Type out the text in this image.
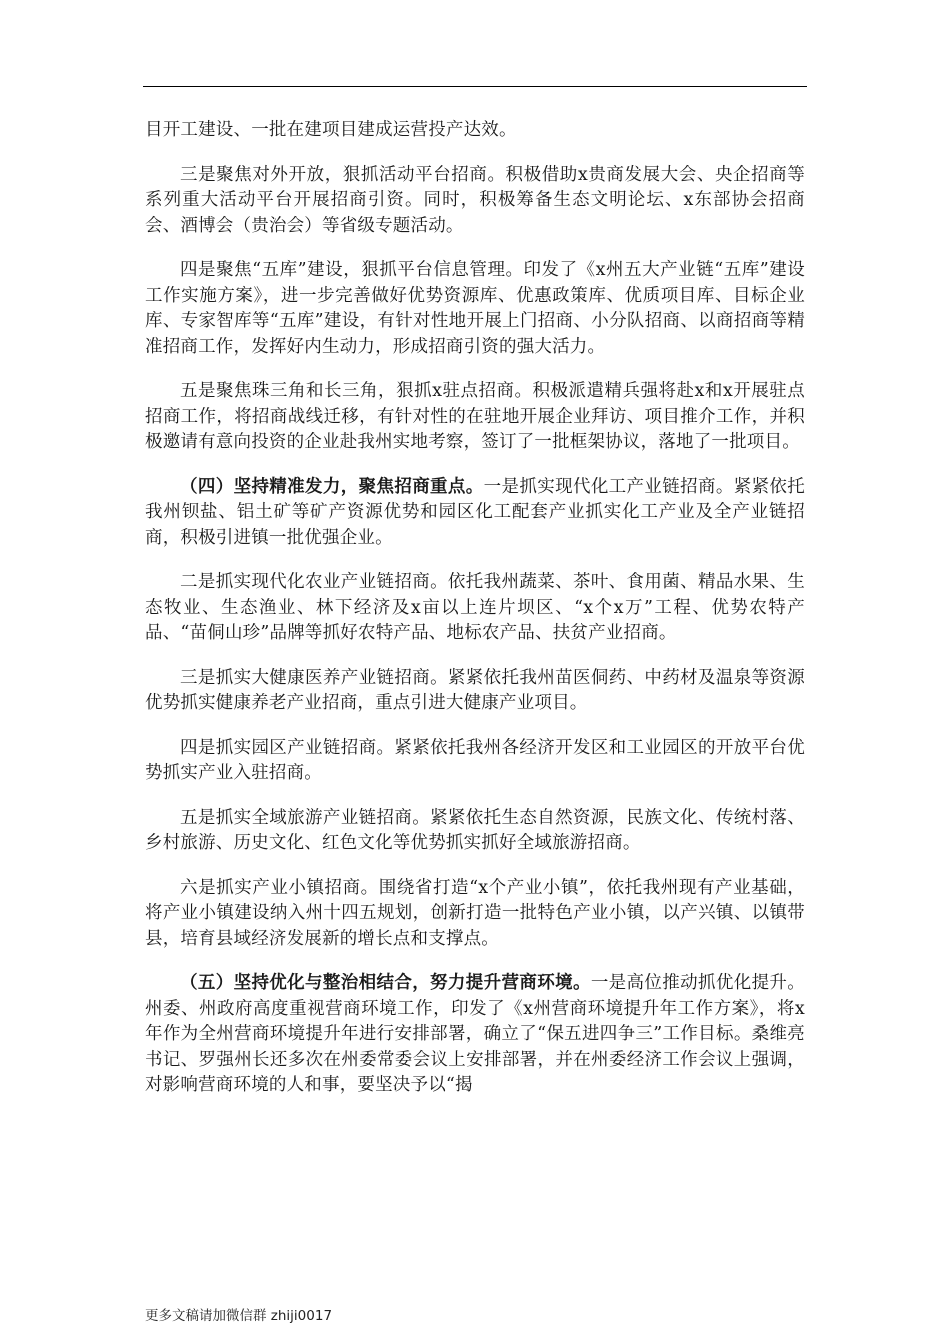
目开工建设、一批在建项目建成运营投产达效。

三是聚焦对外开放，狠抓活动平台招商。积极借助x贵商发展大会、央企招商等系列重大活动平台开展招商引资。同时，积极筹备生态文明论坛、x东部协会招商会、酒博会（贵治会）等省级专题活动。

四是聚焦“五库”建设，狠抓平台信息管理。印发了《x州五大产业链“五库”建设工作实施方案》，进一步完善做好优势资源库、优惠政策库、优质项目库、目标企业库、专家智库等“五库”建设，有针对性地开展上门招商、小分队招商、以商招商等精准招商工作，发挥好内生动力，形成招商引资的强大活力。

五是聚焦珠三角和长三角，狠抓x驻点招商。积极派遣精兵强将赴x和x开展驻点招商工作，将招商战线迁移，有针对性的在驻地开展企业拜访、项目推介工作，并积极邀请有意向投资的企业赴我州实地考察，签订了一批框架协议，落地了一批项目。

（四）坚持精准发力，聚焦招商重点。一是抓实现代化工产业链招商。紧紧依托我州钡盐、铝土矿等矿产资源优势和园区化工配套产业抓实化工产业及全产业链招商，积极引进镇一批优强企业。

二是抓实现代化农业产业链招商。依托我州蔬菜、茶叶、食用菌、精品水果、生态牧业、生态渔业、林下经济及x亩以上连片坝区、“x个x万”工程、优势农特产品、“苗侗山珍”品牌等抓好农特产品、地标农产品、扶贫产业招商。

三是抓实大健康医养产业链招商。紧紧依托我州苗医侗药、中药材及温泉等资源优势抓实健康养老产业招商，重点引进大健康产业项目。

四是抓实园区产业链招商。紧紧依托我州各经济开发区和工业园区的开放平台优势抓实产业入驻招商。

五是抓实全域旅游产业链招商。紧紧依托生态自然资源，民族文化、传统村落、乡村旅游、历史文化、红色文化等优势抓实抓好全域旅游招商。

六是抓实产业小镇招商。围绕省打造“x个产业小镇”，依托我州现有产业基础，将产业小镇建设纳入州十四五规划，创新打造一批特色产业小镇，以产兴镇、以镇带县，培育县域经济发展新的增长点和支撑点。

（五）坚持优化与整治相结合，努力提升营商环境。一是高位推动抓优化提升。州委、州政府高度重视营商环境工作，印发了《x州营商环境提升年工作方案》，将x年作为全州营商环境提升年进行安排部署，确立了“保五进四争三”工作目标。桑维亮书记、罗强州长还多次在州委常委会议上安排部署，并在州委经济工作会议上强调，对影响营商环境的人和事，要坚决予以“揭

更多文稿请加微信群 zhiji0017
